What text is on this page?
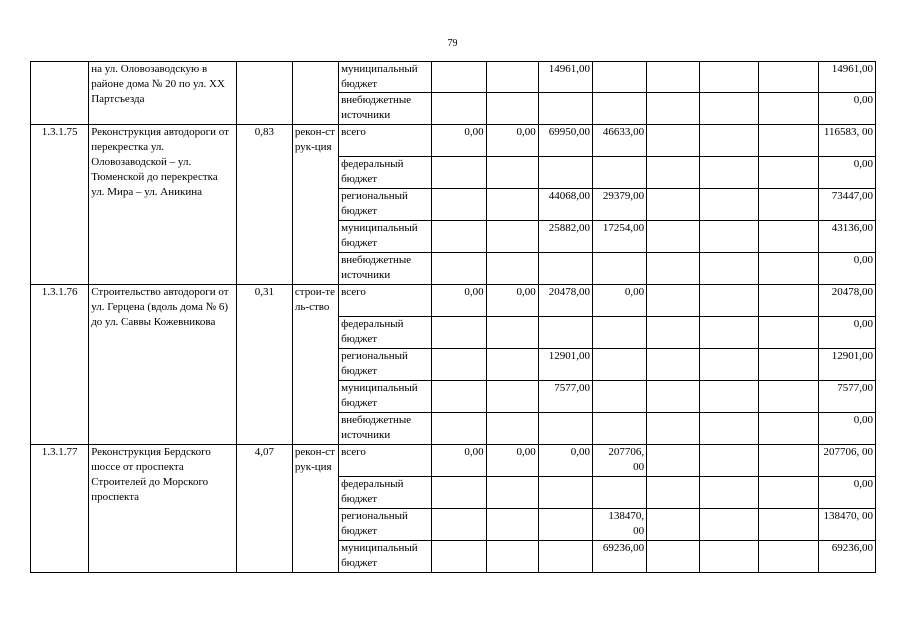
79
	на ул. Оловозаводскую в районе дома № 20 по ул. XX Партсъезда			муниципальный бюджет			14961,00					14961,00
				внебюджетные источники								0,00
1.3.1.75	Реконструкция автодороги от перекрестка ул. Оловозаводской – ул. Тюменской до перекрестка ул. Мира – ул. Аникина	0,83	рекон-струк-ция	всего	0,00	0,00	69950,00	46633,00				116583, 00
				федеральный бюджет								0,00
				региональный бюджет			44068,00	29379,00				73447,00
				муниципальный бюджет			25882,00	17254,00				43136,00
				внебюджетные источники								0,00
1.3.1.76	Строительство автодороги от ул. Герцена (вдоль дома № 6) до ул. Саввы Кожевникова	0,31	строи-тель-ство	всего	0,00	0,00	20478,00	0,00				20478,00
				федеральный бюджет								0,00
				региональный бюджет			12901,00					12901,00
				муниципальный бюджет			7577,00					7577,00
				внебюджетные источники								0,00
1.3.1.77	Реконструкция Бердского шоссе от проспекта Строителей до Морского проспекта	4,07	рекон-струк-ция	всего	0,00	0,00	0,00	207706, 00				207706, 00
				федеральный бюджет								0,00
				региональный бюджет				138470, 00				138470, 00
				муниципальный бюджет				69236,00				69236,00
